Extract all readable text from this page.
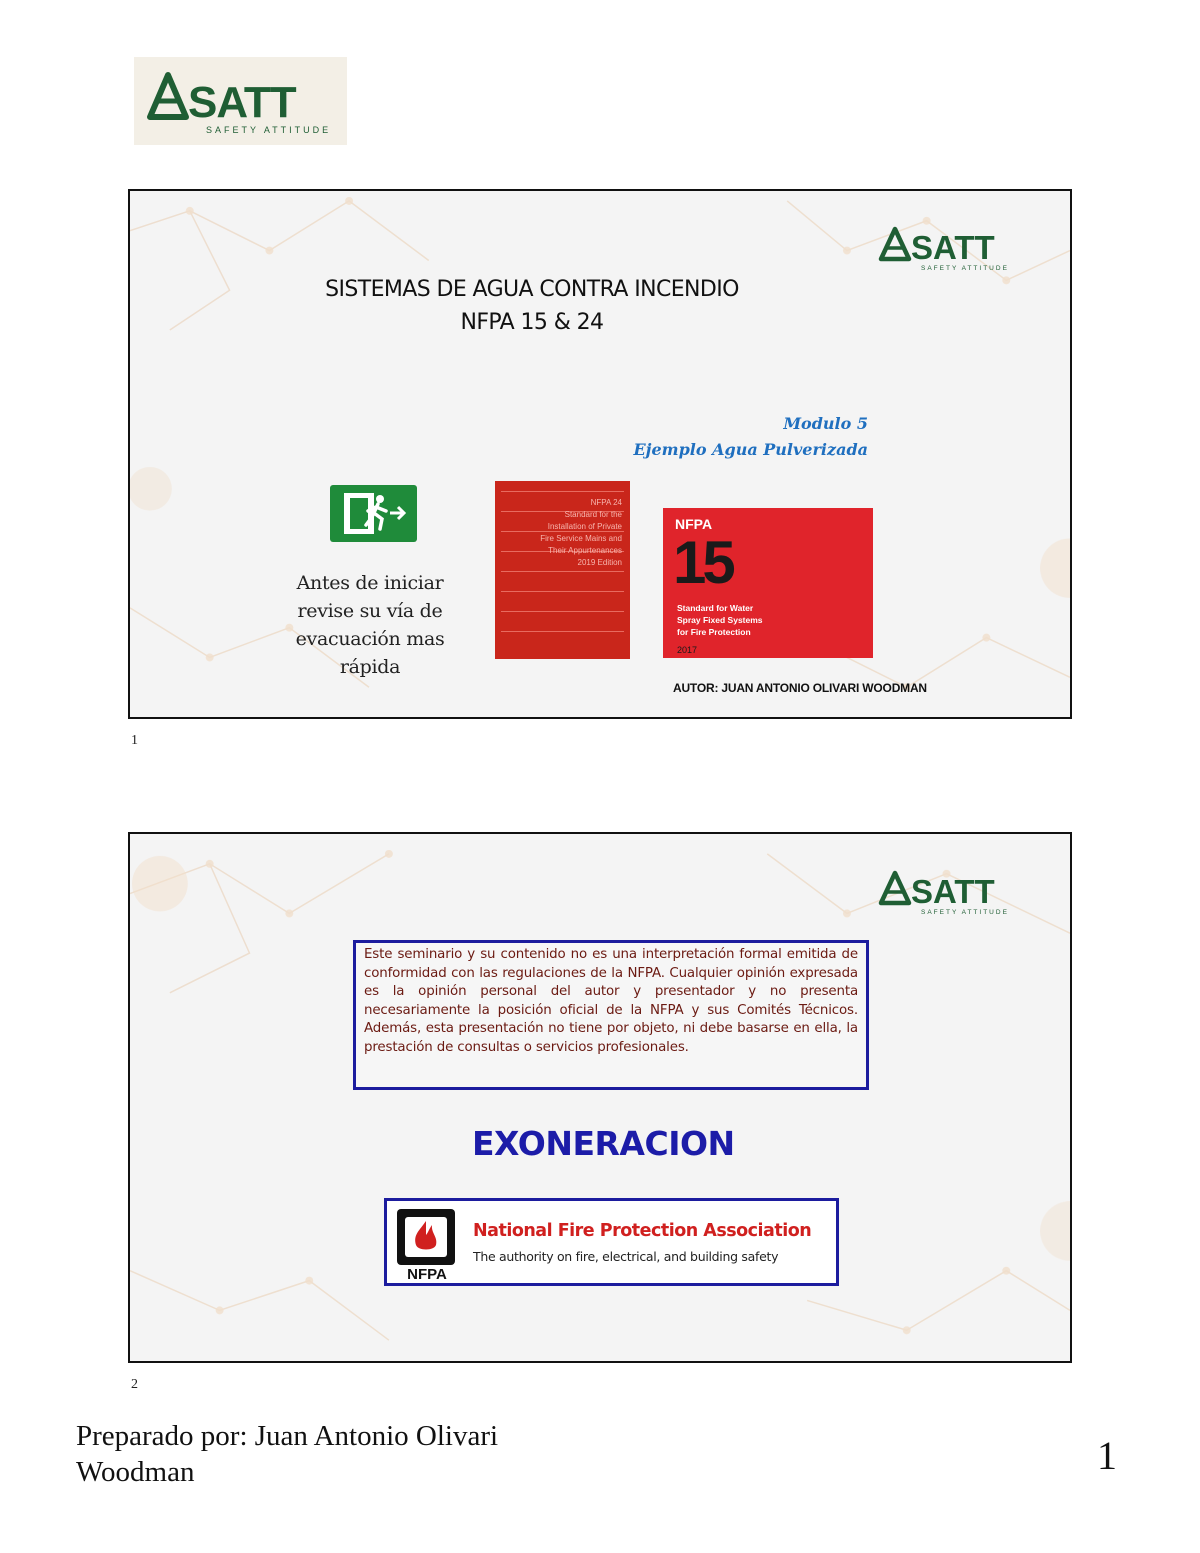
SATT
SAFETY ATTITUDE
SATT
SAFETY ATTITUDE
SISTEMAS DE AGUA CONTRA INCENDIO
NFPA 15 & 24
Modulo 5
Ejemplo Agua Pulverizada
Antes de iniciar
revise su vía de
evacuación mas
rápida
NFPA 24
Standard for the
Installation of Private
Fire Service Mains and
Their Appurtenances
2019 Edition
NFPA
15
Standard for Water
Spray Fixed Systems
for Fire Protection
2017
AUTOR: JUAN ANTONIO OLIVARI WOODMAN
1
SATT
SAFETY ATTITUDE
Este seminario y su contenido no es una interpretación formal emitida de conformidad con las regulaciones de la NFPA. Cualquier opinión expresada es la opinión personal del autor y presentador y no presenta necesariamente la posición oficial de la NFPA y sus Comités Técnicos. Además, esta presentación no tiene por objeto, ni debe basarse en ella, la prestación de consultas o servicios profesionales.
EXONERACION
NFPA
National Fire Protection Association
The authority on fire, electrical, and building safety
2
Preparado por: Juan Antonio Olivari
Woodman	1
